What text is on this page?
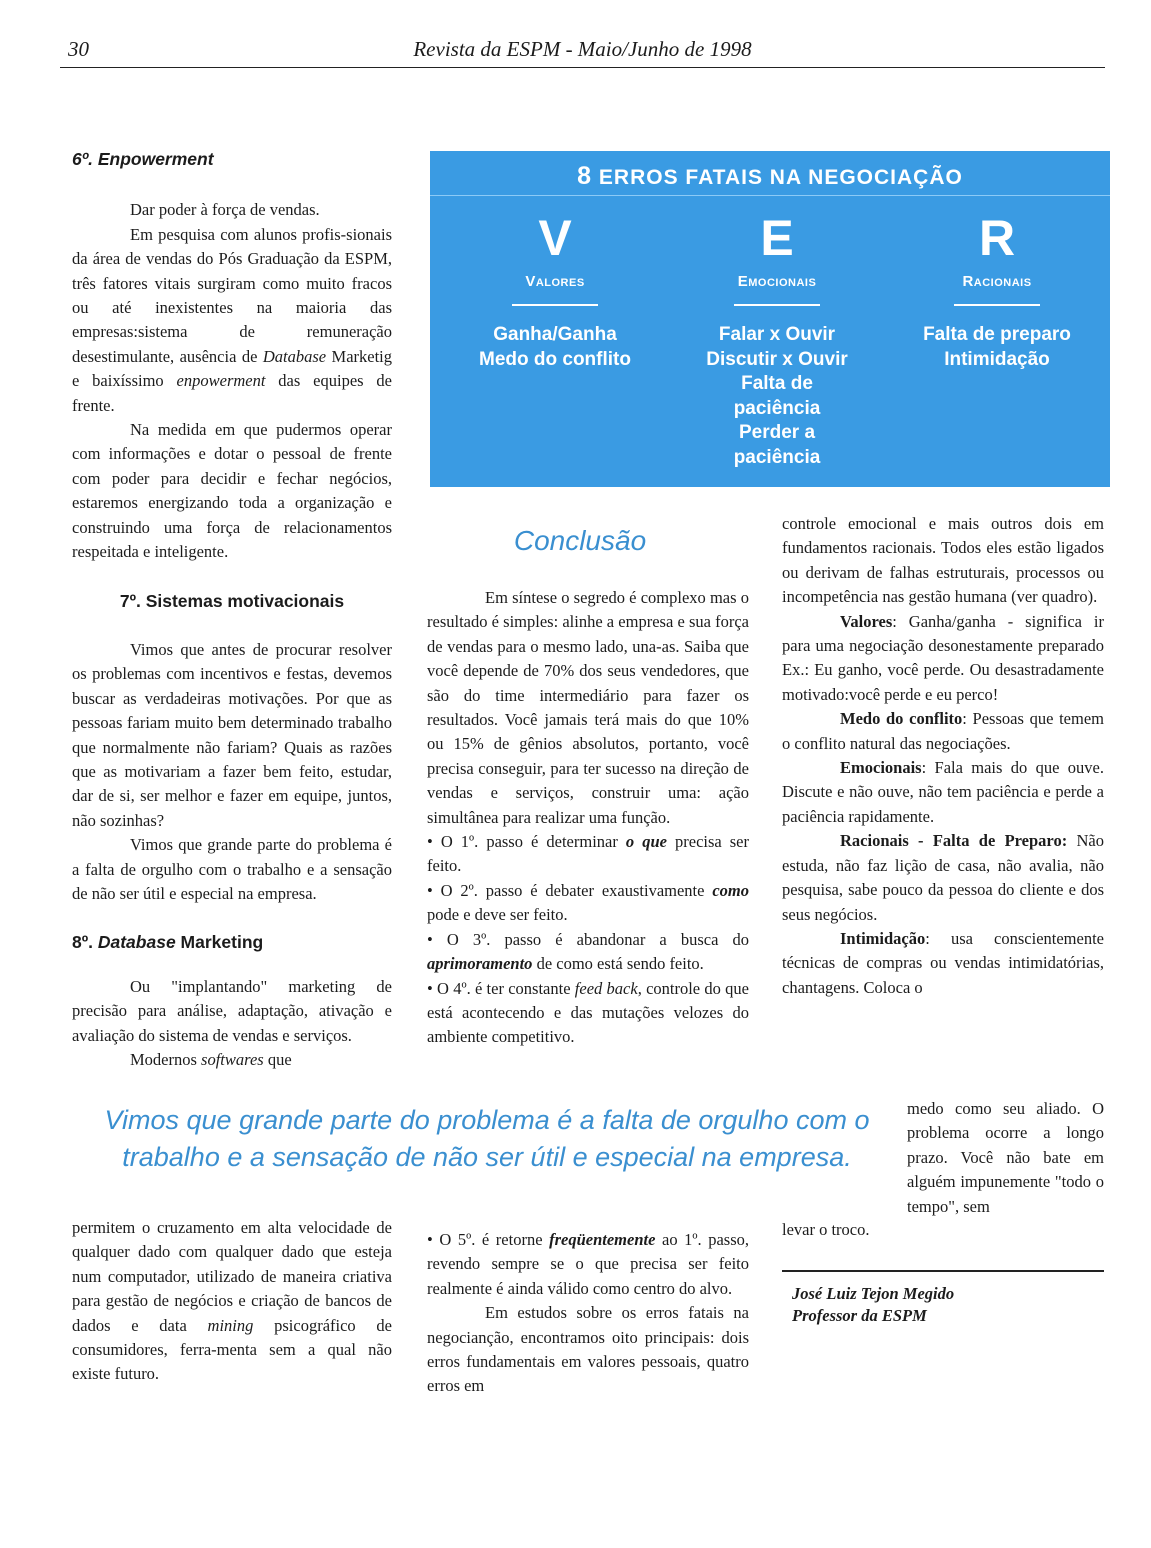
30	Revista da ESPM - Maio/Junho de 1998
6º. Enpowerment

Dar poder à força de vendas.

Em pesquisa com alunos profis-sionais da área de vendas do Pós Graduação da ESPM, três fatores vitais surgiram como muito fracos ou até inexistentes na maioria das empresas:sistema de remuneração desestimulante, ausência de Database Marketig e baixíssimo enpowerment das equipes de frente.

Na medida em que pudermos operar com informações e dotar o pessoal de frente com poder para decidir e fechar negócios, estaremos energizando toda a organização e construindo uma força de relacionamentos respeitada e inteligente.

7º. Sistemas motivacionais

Vimos que antes de procurar resolver os problemas com incentivos e festas, devemos buscar as verdadeiras motivações. Por que as pessoas fariam muito bem determinado trabalho que normalmente não fariam? Quais as razões que as motivariam a fazer bem feito, estudar, dar de si, ser melhor e fazer em equipe, juntos, não sozinhas?

Vimos que grande parte do problema é a falta de orgulho com o trabalho e a sensação de não ser útil e especial na empresa.

8º. Database Marketing

Ou "implantando" marketing de precisão para análise, adaptação, ativação e avaliação do sistema de vendas e serviços.

Modernos softwares que

permitem o cruzamento em alta velocidade de qualquer dado com qualquer dado que esteja num computador, utilizado de maneira criativa para gestão de negócios e criação de bancos de dados e data mining psicográfico de consumidores, ferra-menta sem a qual não existe futuro.

8 ERROS FATAIS NA NEGOCIAÇÃO
V
Valores
Ganha/Ganha
Medo do conflito
E
Emocionais
Falar x Ouvir
Discutir x Ouvir
Falta de paciência
Perder a paciência
R
Racionais
Falta de preparo
Intimidação
Conclusão

Em síntese o segredo é complexo mas o resultado é simples: alinhe a empresa e sua força de vendas para o mesmo lado, una-as. Saiba que você depende de 70% dos seus vendedores, que são do time intermediário para fazer os resultados. Você jamais terá mais do que 10% ou 15% de gênios absolutos, portanto, você precisa conseguir, para ter sucesso na direção de vendas e serviços, construir uma: ação simultânea para realizar uma função.

• O 1º. passo é determinar o que precisa ser feito.

• O 2º. passo é debater exaustivamente como pode e deve ser feito.

• O 3º. passo é abandonar a busca do aprimoramento de como está sendo feito.

• O 4º. é ter constante feed back, controle do que está acontecendo e das mutações velozes do ambiente competitivo.

• O 5º. é retorne freqüentemente ao 1º. passo, revendo sempre se o que precisa ser feito realmente é ainda válido como centro do alvo.

Em estudos sobre os erros fatais na negocianção, encontramos oito principais: dois erros fundamentais em valores pessoais, quatro erros em

controle emocional e mais outros dois em fundamentos racionais. Todos eles estão ligados ou derivam de falhas estruturais, processos ou incompetência nas gestão humana (ver quadro).

Valores: Ganha/ganha - significa ir para uma negociação desonestamente preparado Ex.: Eu ganho, você perde. Ou desastradamente motivado:você perde e eu perco!

Medo do conflito: Pessoas que temem o conflito natural das negociações.

Emocionais: Fala mais do que ouve. Discute e não ouve, não tem paciência e perde a paciência rapidamente.

Racionais - Falta de Preparo: Não estuda, não faz lição de casa, não avalia, não pesquisa, sabe pouco da pessoa do cliente e dos seus negócios.

Intimidação: usa conscientemente técnicas de compras ou vendas intimidatórias, chantagens. Coloca o

medo como seu aliado. O problema ocorre a longo prazo. Você não bate em alguém impunemente "todo o tempo", sem

levar o troco.

José Luiz Tejon Megido
Professor da ESPM
Vimos que grande parte do problema é a falta de orgulho com o trabalho e a sensação de não ser útil e especial na empresa.
